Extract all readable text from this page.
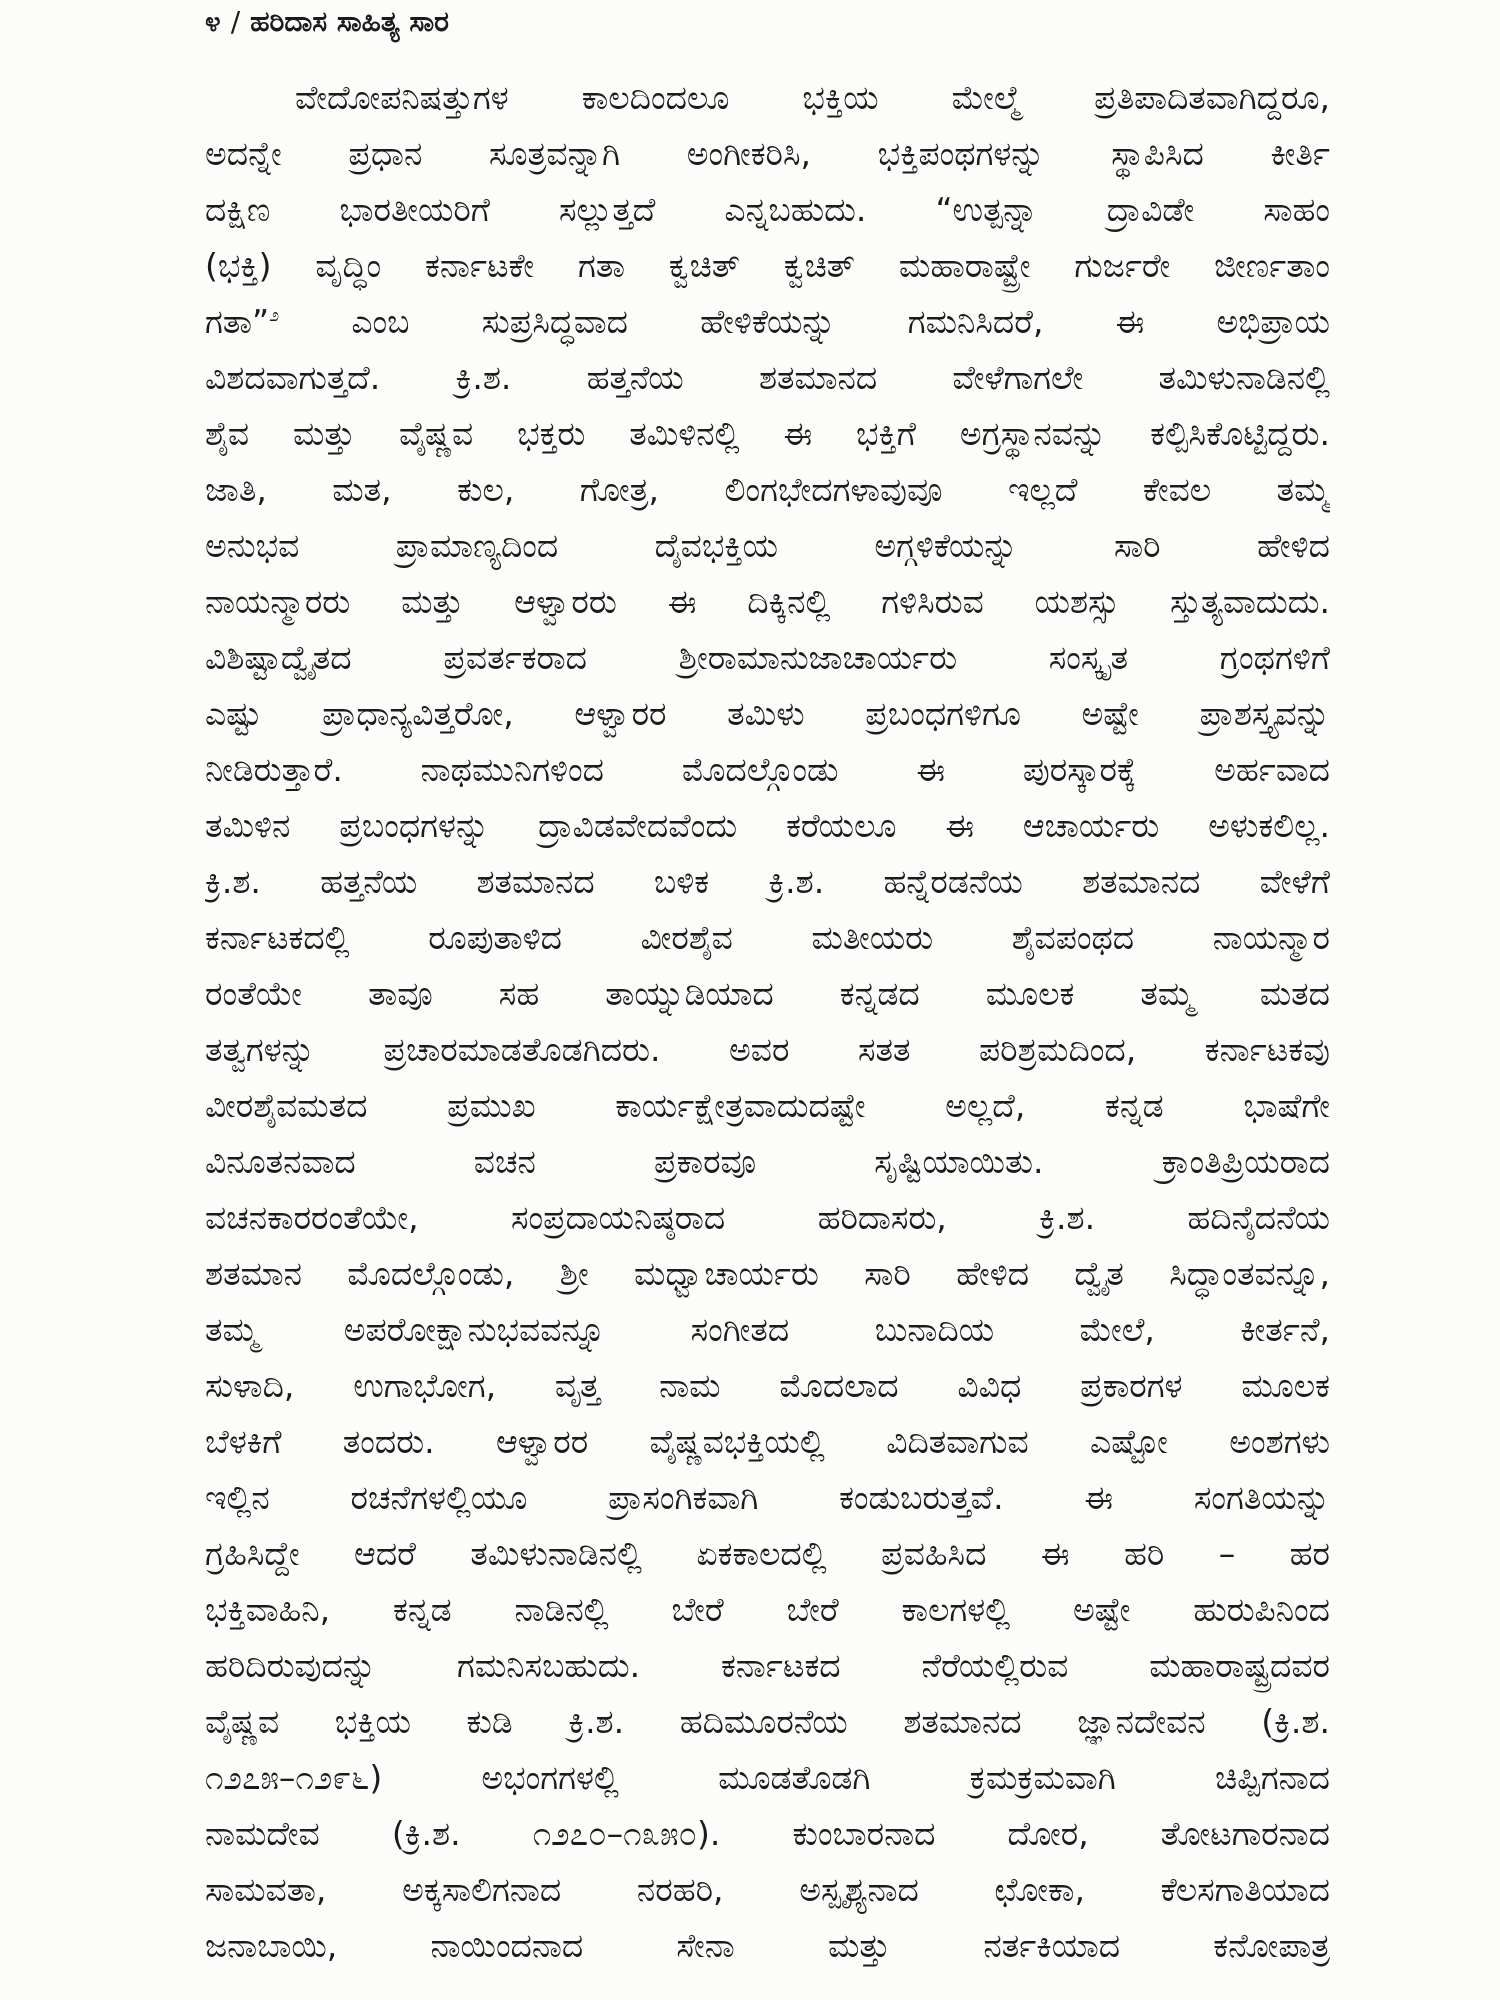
೪ / ಹರಿದಾಸ ಸಾಹಿತ್ಯ ಸಾರ
ವೇದೋಪನಿಷತ್ತುಗಳ ಕಾಲದಿಂದಲೂ ಭಕ್ತಿಯ ಮೇಲ್ಮೆ ಪ್ರತಿಪಾದಿತವಾಗಿದ್ದರೂ,
ಅದನ್ನೇ ಪ್ರಧಾನ ಸೂತ್ರವನ್ನಾಗಿ ಅಂಗೀಕರಿಸಿ, ಭಕ್ತಿಪಂಥಗಳನ್ನು ಸ್ಥಾಪಿಸಿದ ಕೀರ್ತಿ
ದಕ್ಷಿಣ ಭಾರತೀಯರಿಗೆ ಸಲ್ಲುತ್ತದೆ ಎನ್ನಬಹುದು. “ಉತ್ಪನ್ನಾ ದ್ರಾವಿಡೇ ಸಾಹಂ
(ಭಕ್ತಿ) ವೃದ್ಧಿಂ ಕರ್ನಾಟಕೇ ಗತಾ ಕ್ವಚಿತ್ ಕ್ವಚಿತ್ ಮಹಾರಾಷ್ಟ್ರೇ ಗುರ್ಜರೇ ಜೀರ್ಣತಾಂ
ಗತಾ”$^೨$ ಎಂಬ ಸುಪ್ರಸಿದ್ಧವಾದ ಹೇಳಿಕೆಯನ್ನು ಗಮನಿಸಿದರೆ, ಈ ಅಭಿಪ್ರಾಯ
ವಿಶದವಾಗುತ್ತದೆ. ಕ್ರಿ.ಶ. ಹತ್ತನೆಯ ಶತಮಾನದ ವೇಳೆಗಾಗಲೇ ತಮಿಳುನಾಡಿನಲ್ಲಿ
ಶೈವ ಮತ್ತು ವೈಷ್ಣವ ಭಕ್ತರು ತಮಿಳಿನಲ್ಲಿ ಈ ಭಕ್ತಿಗೆ ಅಗ್ರಸ್ಥಾನವನ್ನು ಕಲ್ಪಿಸಿಕೊಟ್ಟಿದ್ದರು.
ಜಾತಿ, ಮತ, ಕುಲ, ಗೋತ್ರ, ಲಿಂಗಭೇದಗಳಾವುವೂ ಇಲ್ಲದೆ ಕೇವಲ ತಮ್ಮ
ಅನುಭವ ಪ್ರಾಮಾಣ್ಯದಿಂದ ದೈವಭಕ್ತಿಯ ಅಗ್ಗಳಿಕೆಯನ್ನು ಸಾರಿ ಹೇಳಿದ
ನಾಯನ್ಮಾರರು ಮತ್ತು ಆಳ್ವಾರರು ಈ ದಿಕ್ಕಿನಲ್ಲಿ ಗಳಿಸಿರುವ ಯಶಸ್ಸು ಸ್ತುತ್ಯವಾದುದು.
ವಿಶಿಷ್ಟಾದ್ವೈತದ ಪ್ರವರ್ತಕರಾದ ಶ್ರೀರಾಮಾನುಜಾಚಾರ್ಯರು ಸಂಸ್ಕೃತ ಗ್ರಂಥಗಳಿಗೆ
ಎಷ್ಟು ಪ್ರಾಧಾನ್ಯವಿತ್ತರೋ, ಆಳ್ವಾರರ ತಮಿಳು ಪ್ರಬಂಧಗಳಿಗೂ ಅಷ್ಟೇ ಪ್ರಾಶಸ್ತ್ಯವನ್ನು
ನೀಡಿರುತ್ತಾರೆ. ನಾಥಮುನಿಗಳಿಂದ ಮೊದಲ್ಗೊಂಡು ಈ ಪುರಸ್ಕಾರಕ್ಕೆ ಅರ್ಹವಾದ
ತಮಿಳಿನ ಪ್ರಬಂಧಗಳನ್ನು ದ್ರಾವಿಡವೇದವೆಂದು ಕರೆಯಲೂ ಈ ಆಚಾರ್ಯರು ಅಳುಕಲಿಲ್ಲ.
ಕ್ರಿ.ಶ. ಹತ್ತನೆಯ ಶತಮಾನದ ಬಳಿಕ ಕ್ರಿ.ಶ. ಹನ್ನೆರಡನೆಯ ಶತಮಾನದ ವೇಳೆಗೆ
ಕರ್ನಾಟಕದಲ್ಲಿ ರೂಪುತಾಳಿದ ವೀರಶೈವ ಮತೀಯರು ಶೈವಪಂಥದ ನಾಯನ್ಮಾರ
ರಂತೆಯೇ ತಾವೂ ಸಹ ತಾಯ್ನುಡಿಯಾದ ಕನ್ನಡದ ಮೂಲಕ ತಮ್ಮ ಮತದ
ತತ್ವಗಳನ್ನು ಪ್ರಚಾರಮಾಡತೊಡಗಿದರು. ಅವರ ಸತತ ಪರಿಶ್ರಮದಿಂದ, ಕರ್ನಾಟಕವು
ವೀರಶೈವಮತದ ಪ್ರಮುಖ ಕಾರ್ಯಕ್ಷೇತ್ರವಾದುದಷ್ಟೇ ಅಲ್ಲದೆ, ಕನ್ನಡ ಭಾಷೆಗೇ
ವಿನೂತನವಾದ ವಚನ ಪ್ರಕಾರವೂ ಸೃಷ್ಟಿಯಾಯಿತು. ಕ್ರಾಂತಿಪ್ರಿಯರಾದ
ವಚನಕಾರರಂತೆಯೇ, ಸಂಪ್ರದಾಯನಿಷ್ಠರಾದ ಹರಿದಾಸರು, ಕ್ರಿ.ಶ. ಹದಿನೈದನೆಯ
ಶತಮಾನ ಮೊದಲ್ಗೊಂಡು, ಶ್ರೀ ಮಧ್ವಾಚಾರ್ಯರು ಸಾರಿ ಹೇಳಿದ ದ್ವೈತ ಸಿದ್ಧಾಂತವನ್ನೂ,
ತಮ್ಮ ಅಪರೋಕ್ಷಾನುಭವವನ್ನೂ ಸಂಗೀತದ ಬುನಾದಿಯ ಮೇಲೆ, ಕೀರ್ತನೆ,
ಸುಳಾದಿ, ಉಗಾಭೋಗ, ವೃತ್ತ ನಾಮ ಮೊದಲಾದ ವಿವಿಧ ಪ್ರಕಾರಗಳ ಮೂಲಕ
ಬೆಳಕಿಗೆ ತಂದರು. ಆಳ್ವಾರರ ವೈಷ್ಣವಭಕ್ತಿಯಲ್ಲಿ ವಿದಿತವಾಗುವ ಎಷ್ಟೋ ಅಂಶಗಳು
ಇಲ್ಲಿನ ರಚನೆಗಳಲ್ಲಿಯೂ ಪ್ರಾಸಂಗಿಕವಾಗಿ ಕಂಡುಬರುತ್ತವೆ. ಈ ಸಂಗತಿಯನ್ನು
ಗ್ರಹಿಸಿದ್ದೇ ಆದರೆ ತಮಿಳುನಾಡಿನಲ್ಲಿ ಏಕಕಾಲದಲ್ಲಿ ಪ್ರವಹಿಸಿದ ಈ ಹರಿ – ಹರ
ಭಕ್ತಿವಾಹಿನಿ, ಕನ್ನಡ ನಾಡಿನಲ್ಲಿ ಬೇರೆ ಬೇರೆ ಕಾಲಗಳಲ್ಲಿ ಅಷ್ಟೇ ಹುರುಪಿನಿಂದ
ಹರಿದಿರುವುದನ್ನು ಗಮನಿಸಬಹುದು. ಕರ್ನಾಟಕದ ನೆರೆಯಲ್ಲಿರುವ ಮಹಾರಾಷ್ಟ್ರದವರ
ವೈಷ್ಣವ ಭಕ್ತಿಯ ಕುಡಿ ಕ್ರಿ.ಶ. ಹದಿಮೂರನೆಯ ಶತಮಾನದ ಜ್ಞಾನದೇವನ (ಕ್ರಿ.ಶ.
೧೨೭೫–೧೨೯೬) ಅಭಂಗಗಳಲ್ಲಿ ಮೂಡತೊಡಗಿ ಕ್ರಮಕ್ರಮವಾಗಿ ಚಿಪ್ಪಿಗನಾದ
ನಾಮದೇವ (ಕ್ರಿ.ಶ. ೧೨೭೦–೧೩೫೦). ಕುಂಬಾರನಾದ ದೋರ, ತೋಟಗಾರನಾದ
ಸಾಮವತಾ, ಅಕ್ಕಸಾಲಿಗನಾದ ನರಹರಿ, ಅಸ್ಪೃಶ್ಯನಾದ ಛೋಕಾ, ಕೆಲಸಗಾತಿಯಾದ
ಜನಾಬಾಯಿ, ನಾಯಿಂದನಾದ ಸೇನಾ ಮತ್ತು ನರ್ತಕಿಯಾದ ಕನೋಪಾತ್ರ
